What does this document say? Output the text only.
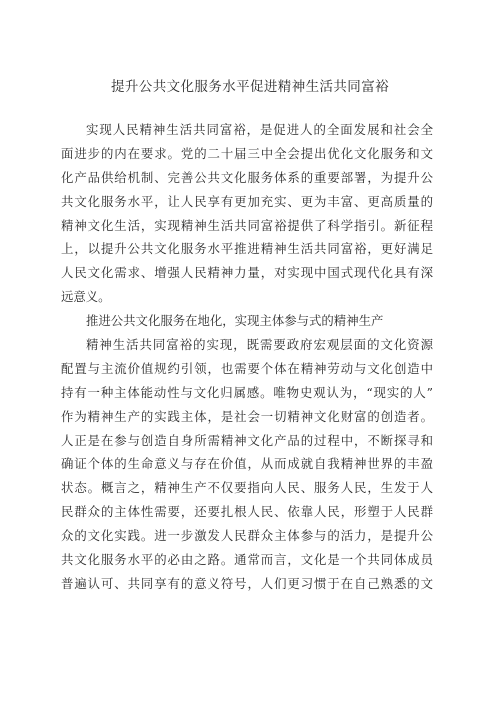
提升公共文化服务水平促进精神生活共同富裕
实现人民精神生活共同富裕，是促进人的全面发展和社会全
面进步的内在要求。党的二十届三中全会提出优化文化服务和文
化产品供给机制、完善公共文化服务体系的重要部署，为提升公
共文化服务水平，让人民享有更加充实、更为丰富、更高质量的
精神文化生活，实现精神生活共同富裕提供了科学指引。新征程
上，以提升公共文化服务水平推进精神生活共同富裕，更好满足
人民文化需求、增强人民精神力量，对实现中国式现代化具有深
远意义。
推进公共文化服务在地化，实现主体参与式的精神生产
精神生活共同富裕的实现，既需要政府宏观层面的文化资源
配置与主流价值规约引领，也需要个体在精神劳动与文化创造中
持有一种主体能动性与文化归属感。唯物史观认为，“现实的人”
作为精神生产的实践主体，是社会一切精神文化财富的创造者。
人正是在参与创造自身所需精神文化产品的过程中，不断探寻和
确证个体的生命意义与存在价值，从而成就自我精神世界的丰盈
状态。概言之，精神生产不仅要指向人民、服务人民，生发于人
民群众的主体性需要，还要扎根人民、依靠人民，形塑于人民群
众的文化实践。进一步激发人民群众主体参与的活力，是提升公
共文化服务水平的必由之路。通常而言，文化是一个共同体成员
普遍认可、共同享有的意义符号，人们更习惯于在自己熟悉的文
